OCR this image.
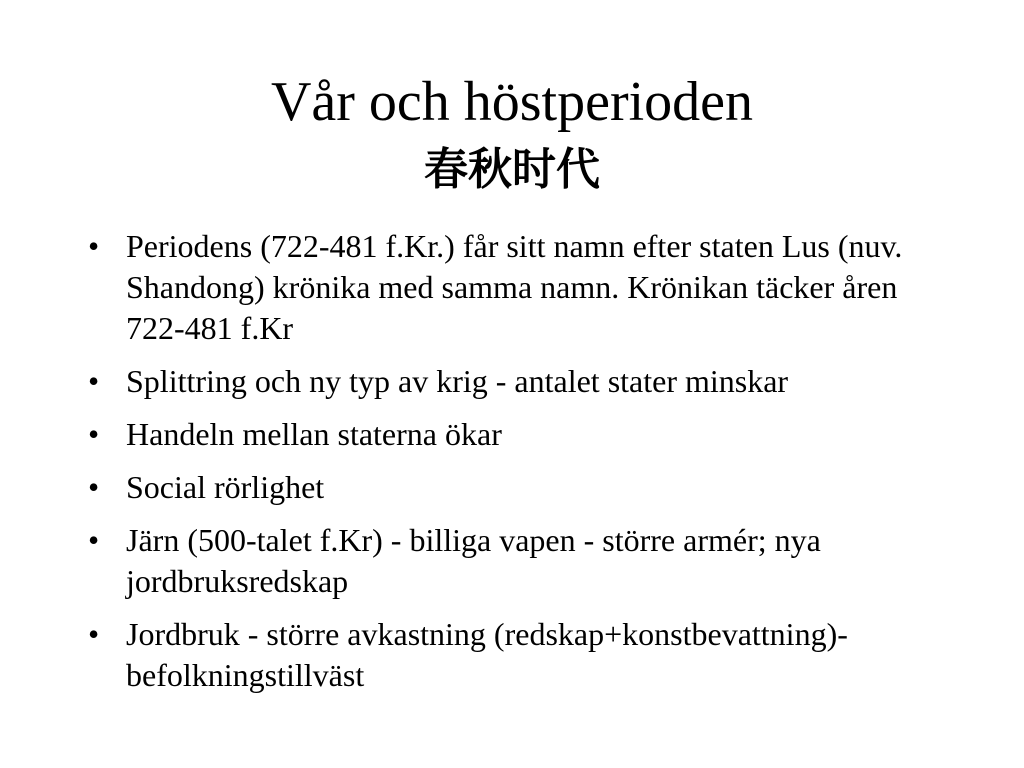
Vår och höstperioden
春秋时代
• Periodens (722-481 f.Kr.) får sitt namn efter staten Lus (nuv. Shandong) krönika med samma namn. Krönikan täcker åren 722-481 f.Kr
• Splittring och ny typ av krig - antalet stater minskar
• Handeln mellan staterna ökar
• Social rörlighet
• Järn (500-talet f.Kr) - billiga vapen - större armér; nya jordbruksredskap
• Jordbruk - större avkastning (redskap+konstbevattning)- befolkningstillväst
